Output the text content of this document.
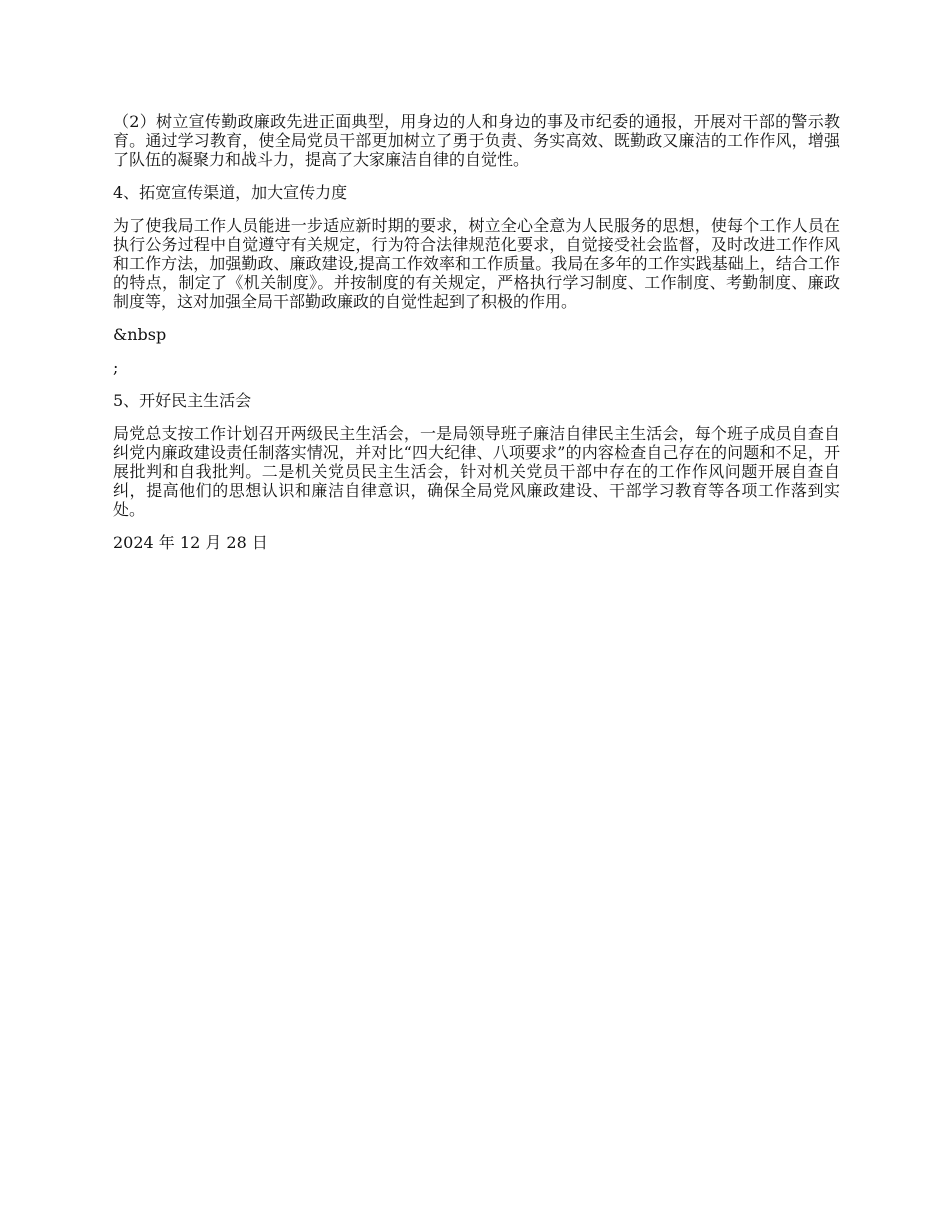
（2）树立宣传勤政廉政先进正面典型，用身边的人和身边的事及市纪委的通报，开展对干部的警示教育。通过学习教育，使全局党员干部更加树立了勇于负责、务实高效、既勤政又廉洁的工作作风，增强了队伍的凝聚力和战斗力，提高了大家廉洁自律的自觉性。

4、拓宽宣传渠道，加大宣传力度

为了使我局工作人员能进一步适应新时期的要求，树立全心全意为人民服务的思想，使每个工作人员在执行公务过程中自觉遵守有关规定，行为符合法律规范化要求，自觉接受社会监督，及时改进工作作风和工作方法，加强勤政、廉政建设,提高工作效率和工作质量。我局在多年的工作实践基础上，结合工作的特点，制定了《机关制度》。并按制度的有关规定，严格执行学习制度、工作制度、考勤制度、廉政制度等，这对加强全局干部勤政廉政的自觉性起到了积极的作用。

&nbsp

;

5、开好民主生活会

局党总支按工作计划召开两级民主生活会，一是局领导班子廉洁自律民主生活会，每个班子成员自查自纠党内廉政建设责任制落实情况，并对比“四大纪律、八项要求”的内容检查自己存在的问题和不足，开展批判和自我批判。二是机关党员民主生活会，针对机关党员干部中存在的工作作风问题开展自查自纠，提高他们的思想认识和廉洁自律意识，确保全局党风廉政建设、干部学习教育等各项工作落到实处。

2024 年 12 月 28 日
